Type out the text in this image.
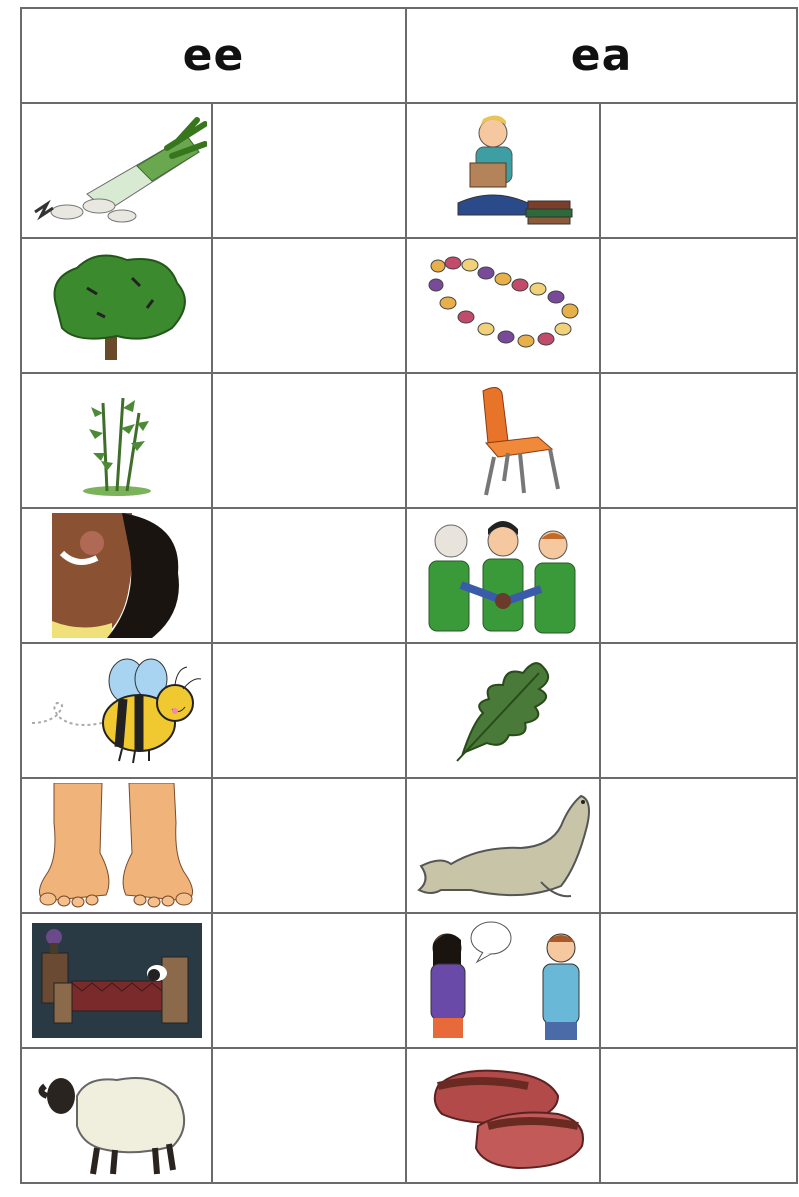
ee		ea	
